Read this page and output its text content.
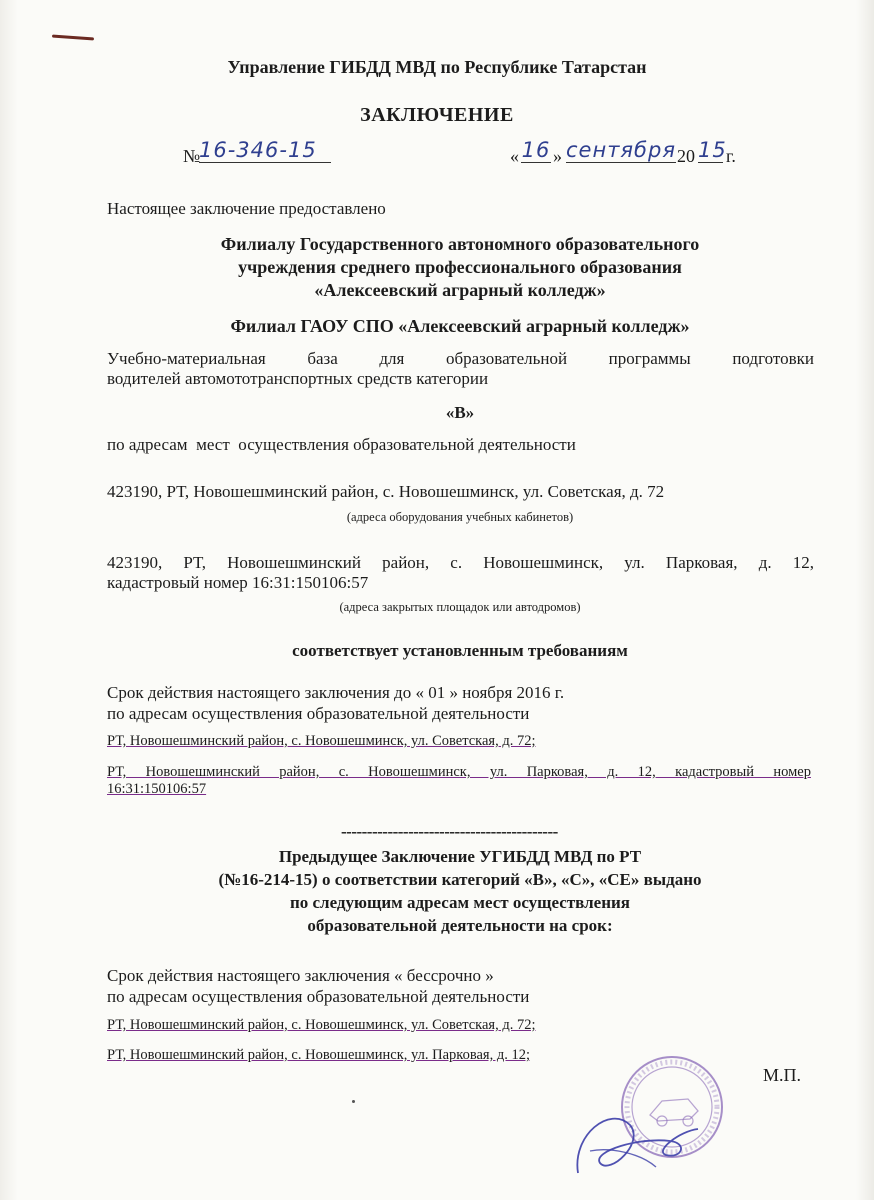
Управление ГИБДД МВД по Республике Татарстан
ЗАКЛЮЧЕНИЕ
№
16-346-15	« 16 » сентября 20 15 г.
Настоящее заключение предоставлено
Филиалу Государственного автономного образовательного
учреждения среднего профессионального образования
«Алексеевский аграрный колледж»
Филиал ГАОУ СПО «Алексеевский аграрный колледж»
Учебно-материальная  база  для  образовательной  программы  подготовки
водителей автомототранспортных средств категории
«В»
по адресам  мест  осуществления образовательной деятельности
423190, РТ, Новошешминский район, с. Новошешминск, ул. Советская, д. 72
(адреса оборудования учебных кабинетов)
423190, РТ, Новошешминский район, с. Новошешминск, ул. Парковая, д. 12,
кадастровый номер 16:31:150106:57
(адреса закрытых площадок или автодромов)
соответствует установленным требованиям
Срок действия настоящего заключения до « 01 » ноября 2016 г.
по адресам осуществления образовательной деятельности
РТ, Новошешминский район, с. Новошешминск, ул. Советская, д. 72;
РТ,  Новошешминский  район,  с.  Новошешминск,  ул.  Парковая,  д.  12,  кадастровый  номер
16:31:150106:57
------------------------------------------
Предыдущее Заключение УГИБДД МВД по РТ
(№16-214-15) о соответствии категорий «В», «С», «СЕ» выдано
по следующим адресам мест осуществления
образовательной деятельности на срок:
Срок действия настоящего заключения « бессрочно »
по адресам осуществления образовательной деятельности
РТ, Новошешминский район, с. Новошешминск, ул. Советская, д. 72;
РТ, Новошешминский район, с. Новошешминск, ул. Парковая, д. 12;
М.П.
